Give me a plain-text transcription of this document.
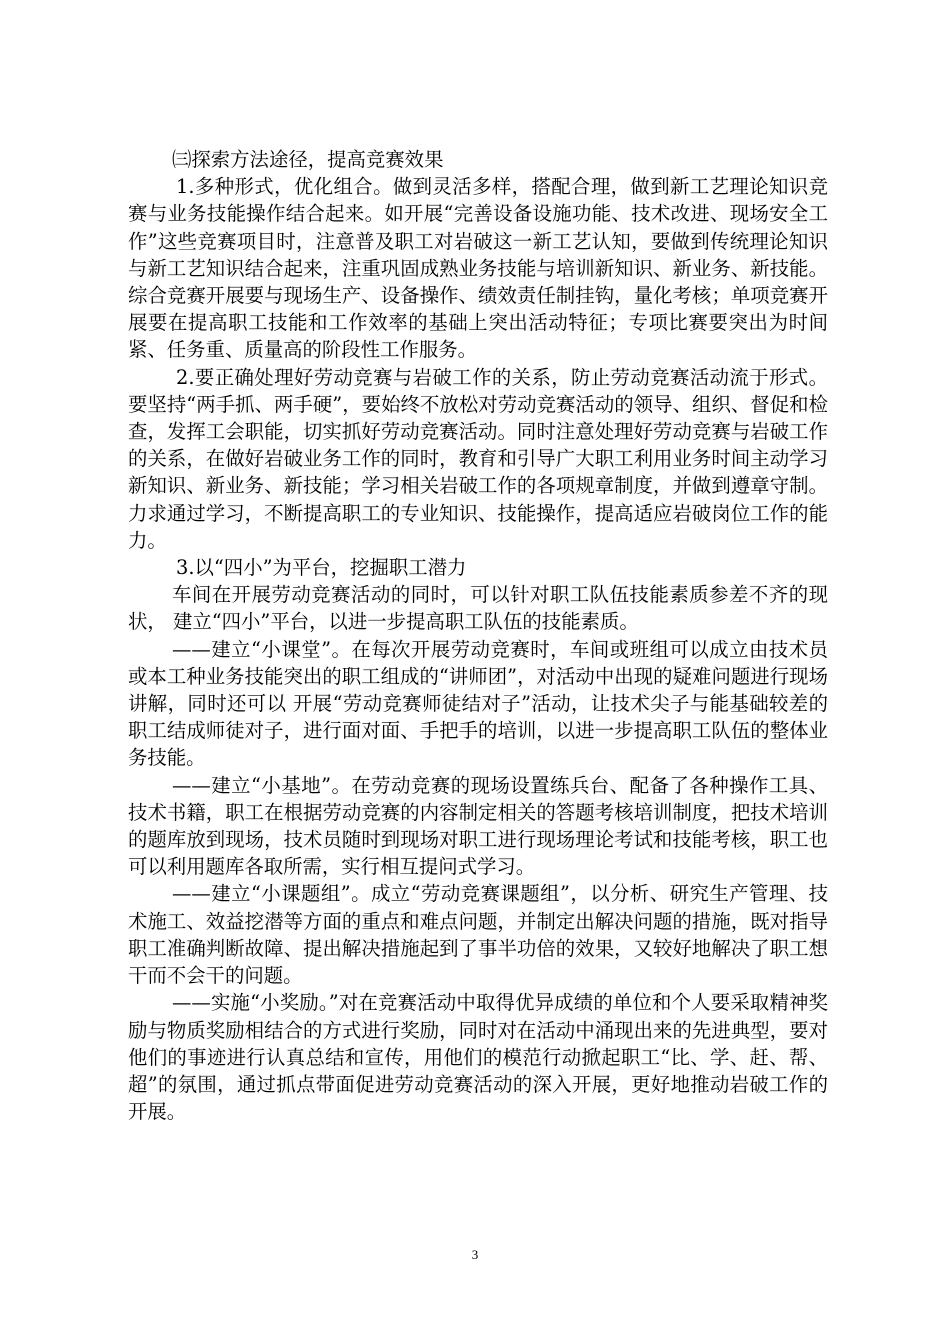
㈢探索方法途径，提高竞赛效果

1.多种形式，优化组合。做到灵活多样，搭配合理，做到新工艺理论知识竞赛与业务技能操作结合起来。如开展“完善设备设施功能、技术改进、现场安全工作”这些竞赛项目时，注意普及职工对岩破这一新工艺认知，要做到传统理论知识与新工艺知识结合起来，注重巩固成熟业务技能与培训新知识、新业务、新技能。综合竞赛开展要与现场生产、设备操作、绩效责任制挂钩，量化考核；单项竞赛开展要在提高职工技能和工作效率的基础上突出活动特征；专项比赛要突出为时间紧、任务重、质量高的阶段性工作服务。

2.要正确处理好劳动竞赛与岩破工作的关系，防止劳动竞赛活动流于形式。要坚持“两手抓、两手硬”，要始终不放松对劳动竞赛活动的领导、组织、督促和检查，发挥工会职能，切实抓好劳动竞赛活动。同时注意处理好劳动竞赛与岩破工作的关系，在做好岩破业务工作的同时，教育和引导广大职工利用业务时间主动学习新知识、新业务、新技能；学习相关岩破工作的各项规章制度，并做到遵章守制。力求通过学习，不断提高职工的专业知识、技能操作，提高适应岩破岗位工作的能力。

3.以“四小”为平台，挖掘职工潜力

车间在开展劳动竞赛活动的同时，可以针对职工队伍技能素质参差不齐的现状， 建立“四小”平台，以进一步提高职工队伍的技能素质。

——建立“小课堂”。在每次开展劳动竞赛时，车间或班组可以成立由技术员或本工种业务技能突出的职工组成的“讲师团”，对活动中出现的疑难问题进行现场讲解，同时还可以 开展“劳动竞赛师徒结对子”活动，让技术尖子与能基础较差的职工结成师徒对子，进行面对面、手把手的培训，以进一步提高职工队伍的整体业务技能。

——建立“小基地”。在劳动竞赛的现场设置练兵台、配备了各种操作工具、技术书籍，职工在根据劳动竞赛的内容制定相关的答题考核培训制度，把技术培训的题库放到现场，技术员随时到现场对职工进行现场理论考试和技能考核，职工也可以利用题库各取所需，实行相互提问式学习。

——建立“小课题组”。成立“劳动竞赛课题组”，以分析、研究生产管理、技术施工、效益挖潜等方面的重点和难点问题，并制定出解决问题的措施，既对指导职工准确判断故障、提出解决措施起到了事半功倍的效果，又较好地解决了职工想干而不会干的问题。

——实施“小奖励。”对在竞赛活动中取得优异成绩的单位和个人要采取精神奖励与物质奖励相结合的方式进行奖励，同时对在活动中涌现出来的先进典型，要对他们的事迹进行认真总结和宣传，用他们的模范行动掀起职工“比、学、赶、帮、超”的氛围，通过抓点带面促进劳动竞赛活动的深入开展，更好地推动岩破工作的开展。

3
